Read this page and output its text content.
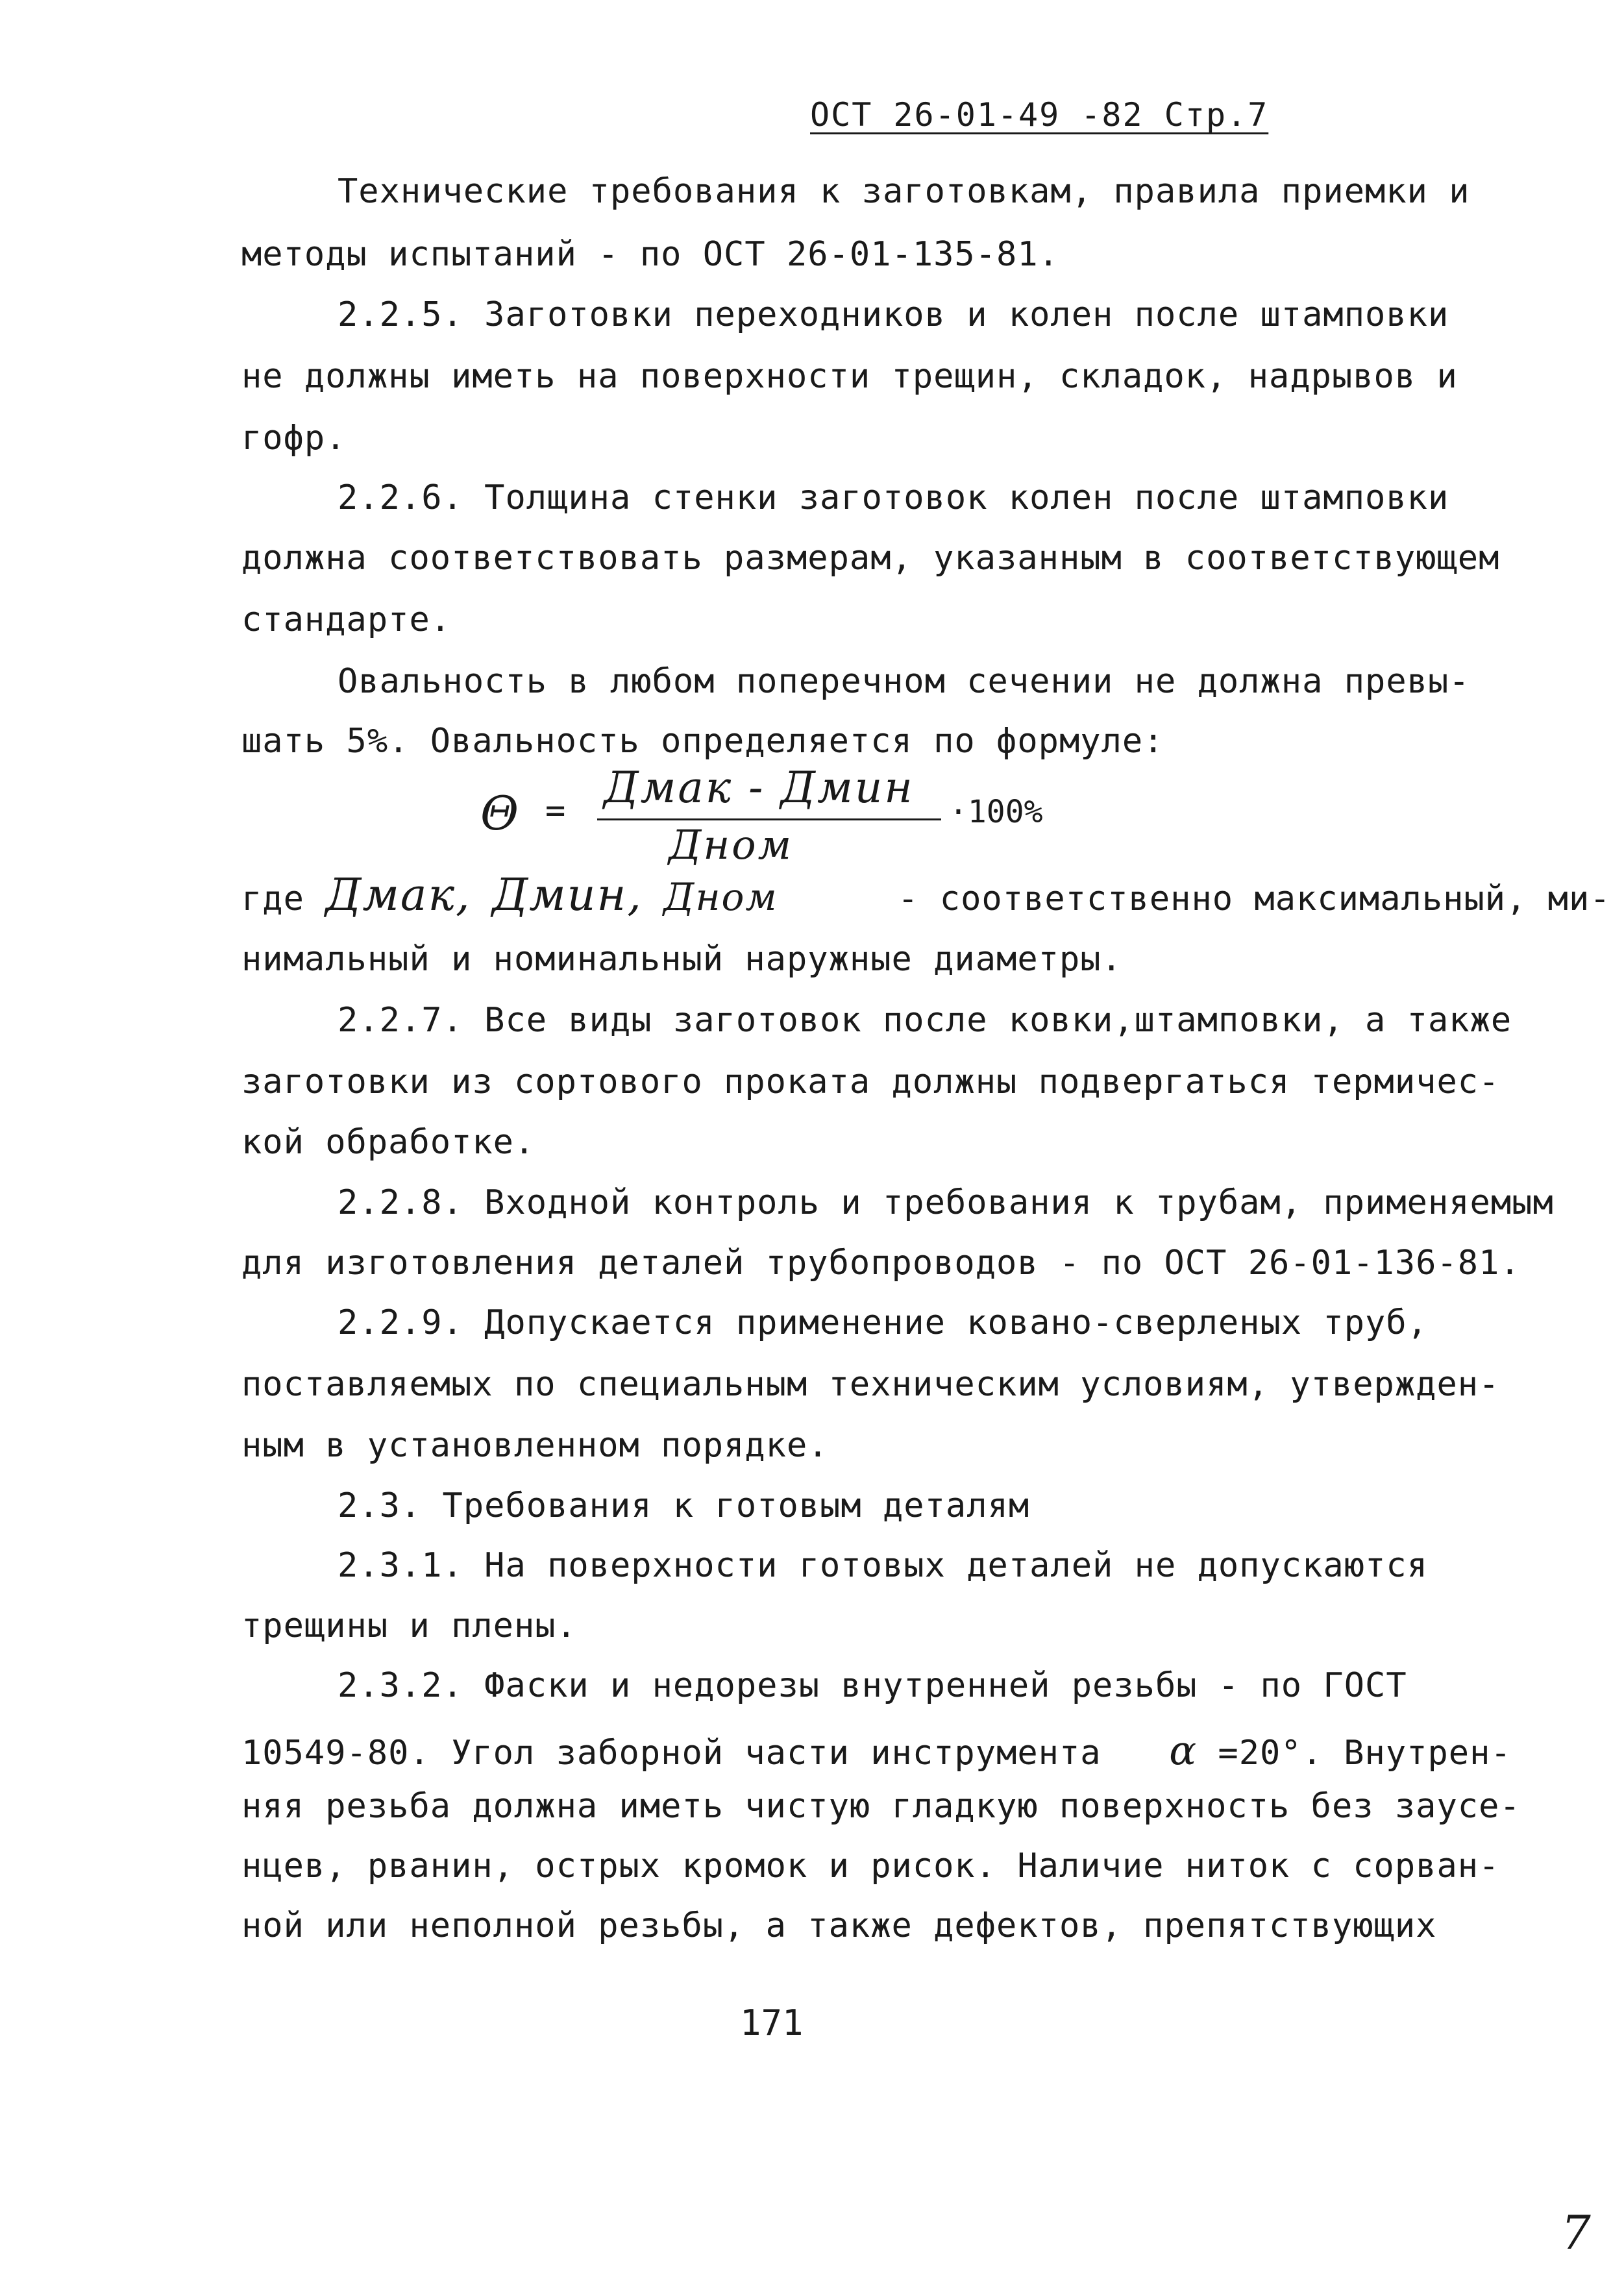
ОСТ 26-01-49 -82 Стр.7
Технические требования к заготовкам, правила приемки и
методы испытаний - по ОСТ 26-01-135-81.
2.2.5. Заготовки переходников и колен после штамповки
не должны иметь на поверхности трещин, складок, надрывов и
гофр.
2.2.6. Толщина стенки заготовок колен после штамповки
должна соответствовать размерам, указанным в соответствующем
стандарте.
Овальность в любом поперечном сечении не должна превы-
шать 5%. Овальность определяется по формуле:
Θ = Дмак - Дмин
Дном
·100%
где Дмак, Дмин, Дном	- соответственно максимальный, ми-
нимальный и номинальный наружные диаметры.
2.2.7. Все виды заготовок после ковки,штамповки, а также
заготовки из сортового проката должны подвергаться термичес-
кой обработке.
2.2.8. Входной контроль и требования к трубам, применяемым
для изготовления деталей трубопроводов - по ОСТ 26-01-136-81.
2.2.9. Допускается применение ковано-сверленых труб,
поставляемых по специальным техническим условиям, утвержден-
ным в установленном порядке.
2.3. Требования к готовым деталям
2.3.1. На поверхности готовых деталей не допускаются
трещины и плены.
2.3.2. Фаски и недорезы внутренней резьбы - по ГОСТ
10549-80. Угол заборной части инструмента α =20°. Внутрен-
няя резьба должна иметь чистую гладкую поверхность без заусе-
нцев, рванин, острых кромок и рисок. Наличие ниток с сорван-
ной или неполной резьбы, а также дефектов, препятствующих
171
7
